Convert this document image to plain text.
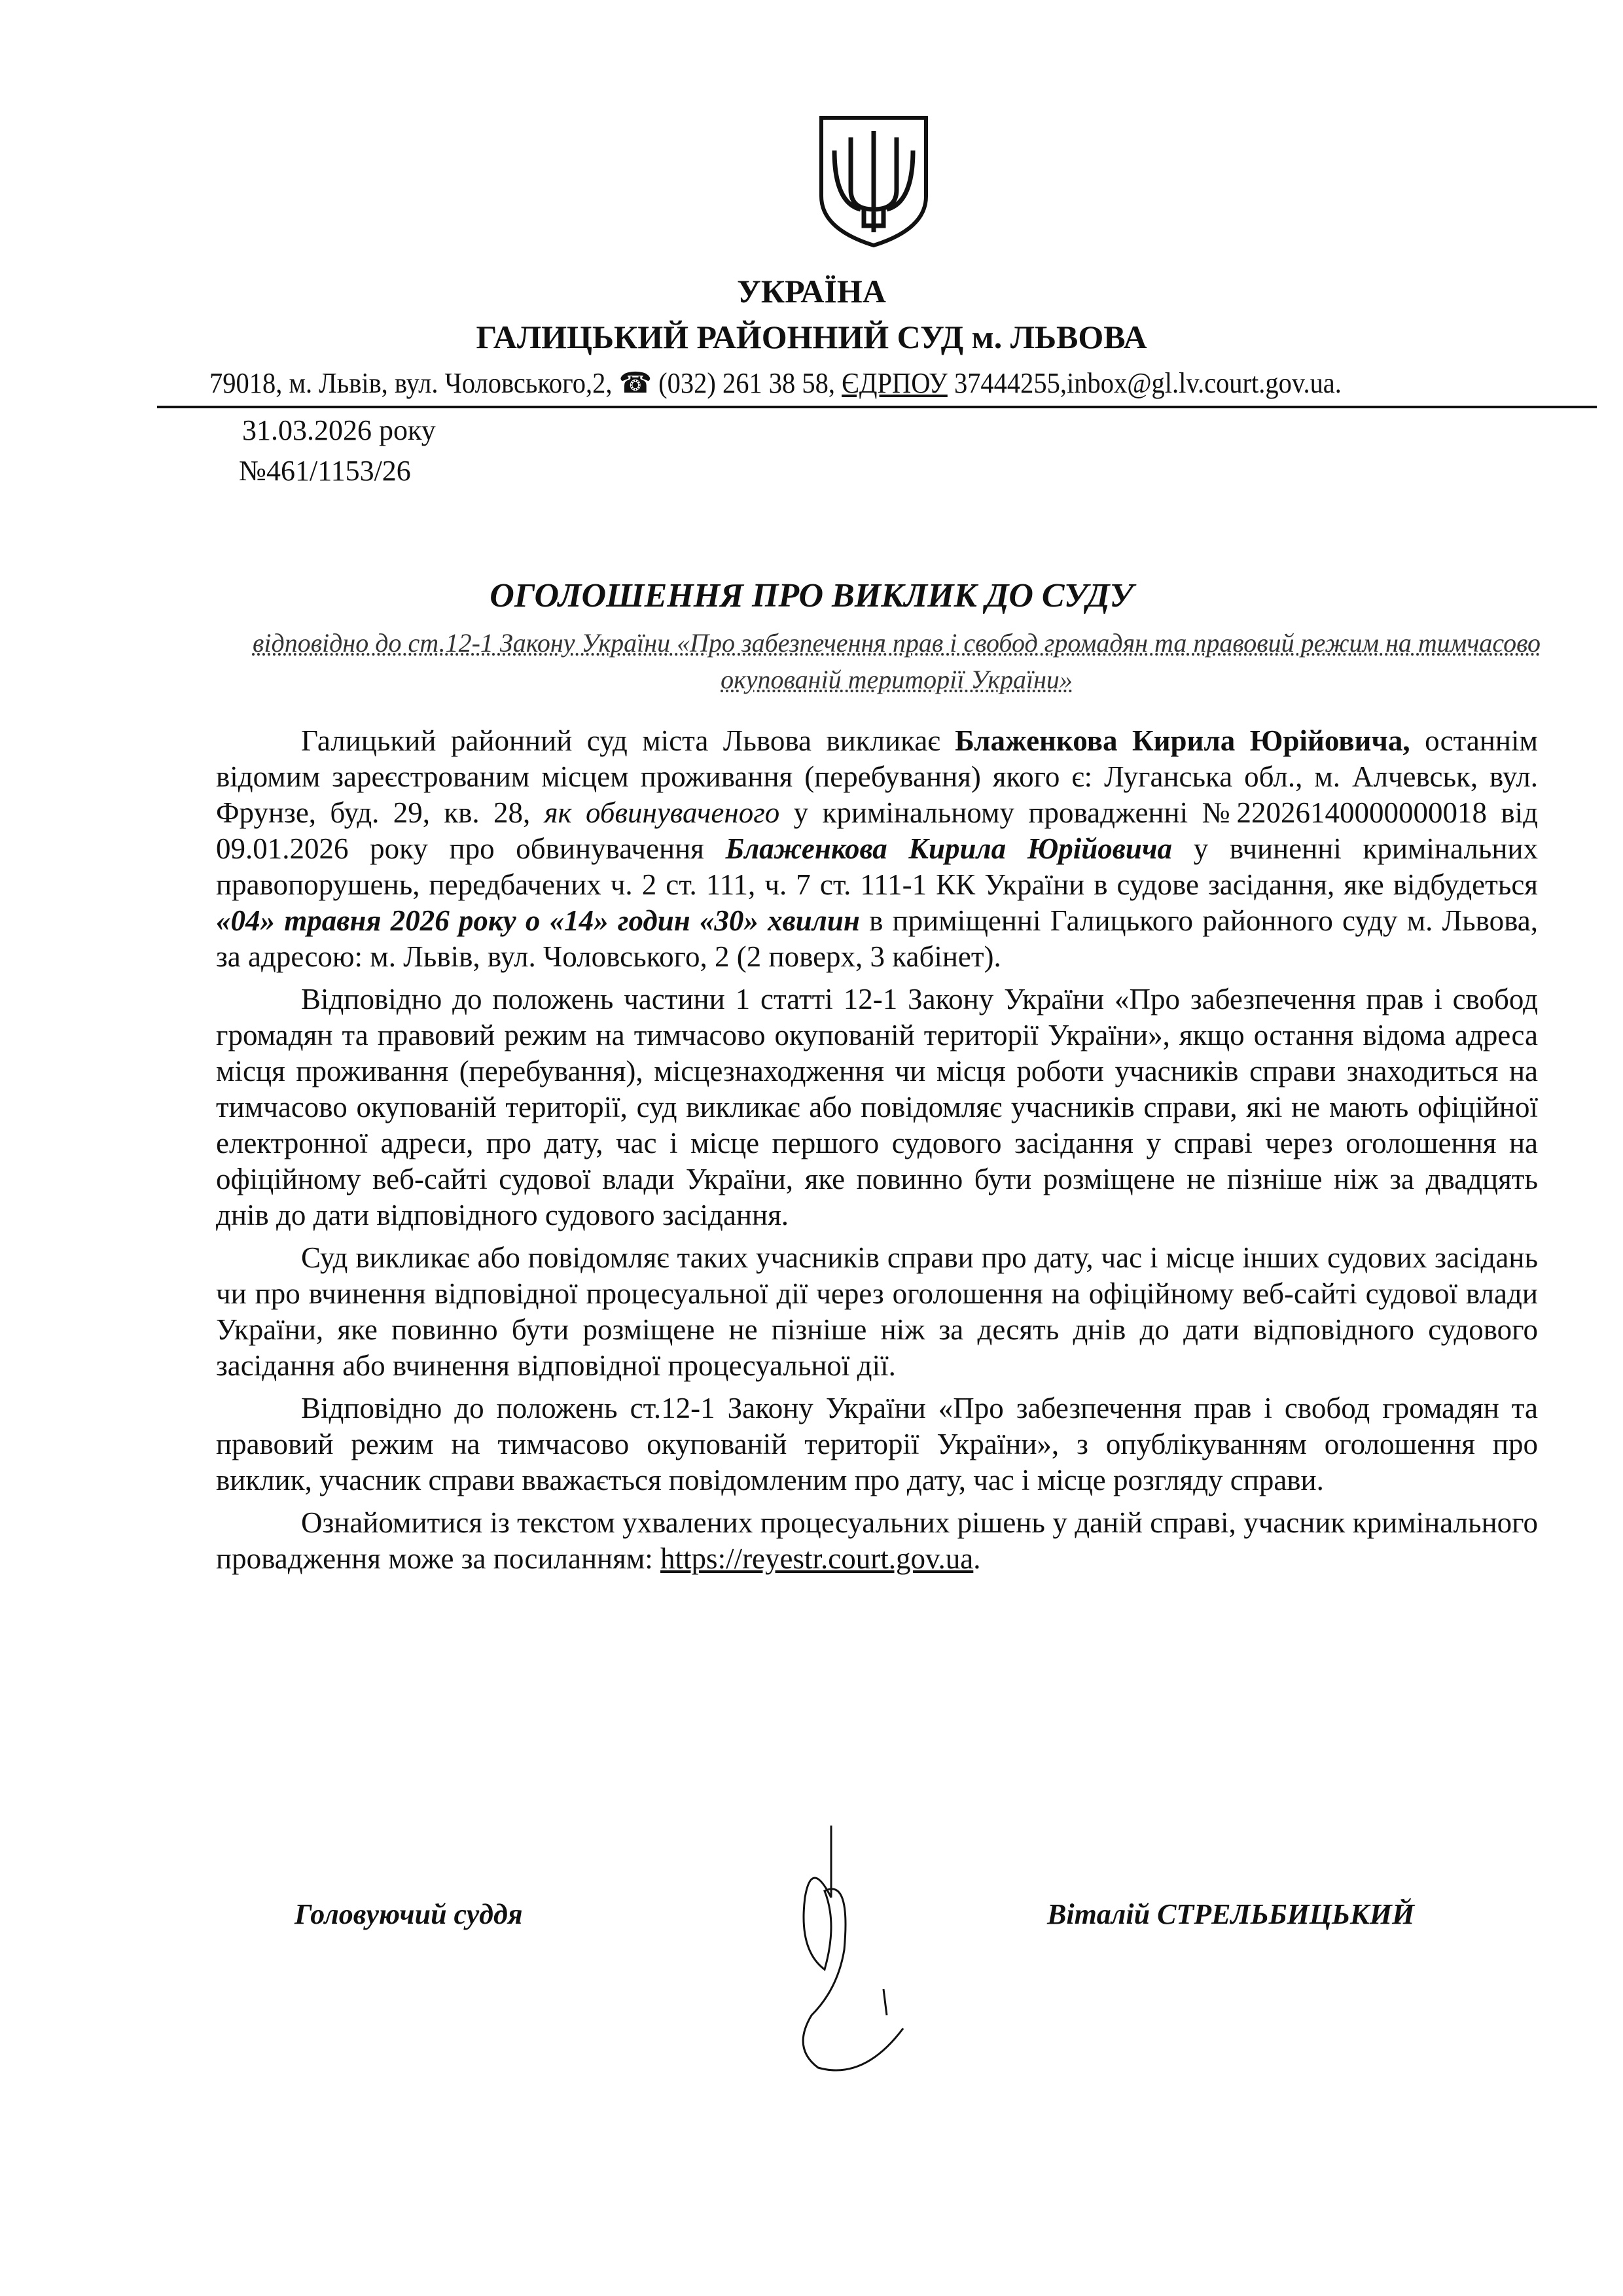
УКРАЇНА
ГАЛИЦЬКИЙ РАЙОННИЙ СУД м. ЛЬВОВА
79018, м. Львів, вул. Чоловського,2, ☎ (032) 261 38 58, ЄДРПОУ 37444255,inbox@gl.lv.court.gov.ua.
31.03.2026 року
№461/1153/26
ОГОЛОШЕННЯ ПРО ВИКЛИК ДО СУДУ
відповідно до ст.12-1 Закону України «Про забезпечення прав і свобод громадян та правовий режим на тимчасово окупованій території України»

Галицький районний суд міста Львова викликає Блаженкова Кирила Юрійовича, останнім відомим зареєстрованим місцем проживання (перебування) якого є: Луганська обл., м. Алчевськ, вул. Фрунзе, буд. 29, кв. 28, як обвинуваченого у кримінальному провадженні №22026140000000018 від 09.01.2026 року про обвинувачення Блаженкова Кирила Юрійовича у вчиненні кримінальних правопорушень, передбачених ч. 2 ст. 111, ч. 7 ст. 111-1 КК України в судове засідання, яке відбудеться «04» травня 2026 року о «14» годин «30» хвилин в приміщенні Галицького районного суду м. Львова, за адресою: м. Львів, вул. Чоловського, 2 (2 поверх, 3 кабінет).

Відповідно до положень частини 1 статті 12-1 Закону України «Про забезпечення прав і свобод громадян та правовий режим на тимчасово окупованій території України», якщо остання відома адреса місця проживання (перебування), місцезнаходження чи місця роботи учасників справи знаходиться на тимчасово окупованій території, суд викликає або повідомляє учасників справи, які не мають офіційної електронної адреси, про дату, час і місце першого судового засідання у справі через оголошення на офіційному веб-сайті судової влади України, яке повинно бути розміщене не пізніше ніж за двадцять днів до дати відповідного судового засідання.

Суд викликає або повідомляє таких учасників справи про дату, час і місце інших судових засідань чи про вчинення відповідної процесуальної дії через оголошення на офіційному веб-сайті судової влади України, яке повинно бути розміщене не пізніше ніж за десять днів до дати відповідного судового засідання або вчинення відповідної процесуальної дії.

Відповідно до положень ст.12-1 Закону України «Про забезпечення прав і свобод громадян та правовий режим на тимчасово окупованій території України», з опублікуванням оголошення про виклик, учасник справи вважається повідомленим про дату, час і місце розгляду справи.

Ознайомитися із текстом ухвалених процесуальних рішень у даній справі, учасник кримінального провадження може за посиланням: https://reyestr.court.gov.ua.

Головуючий суддя	Віталій СТРЕЛЬБИЦЬКИЙ
